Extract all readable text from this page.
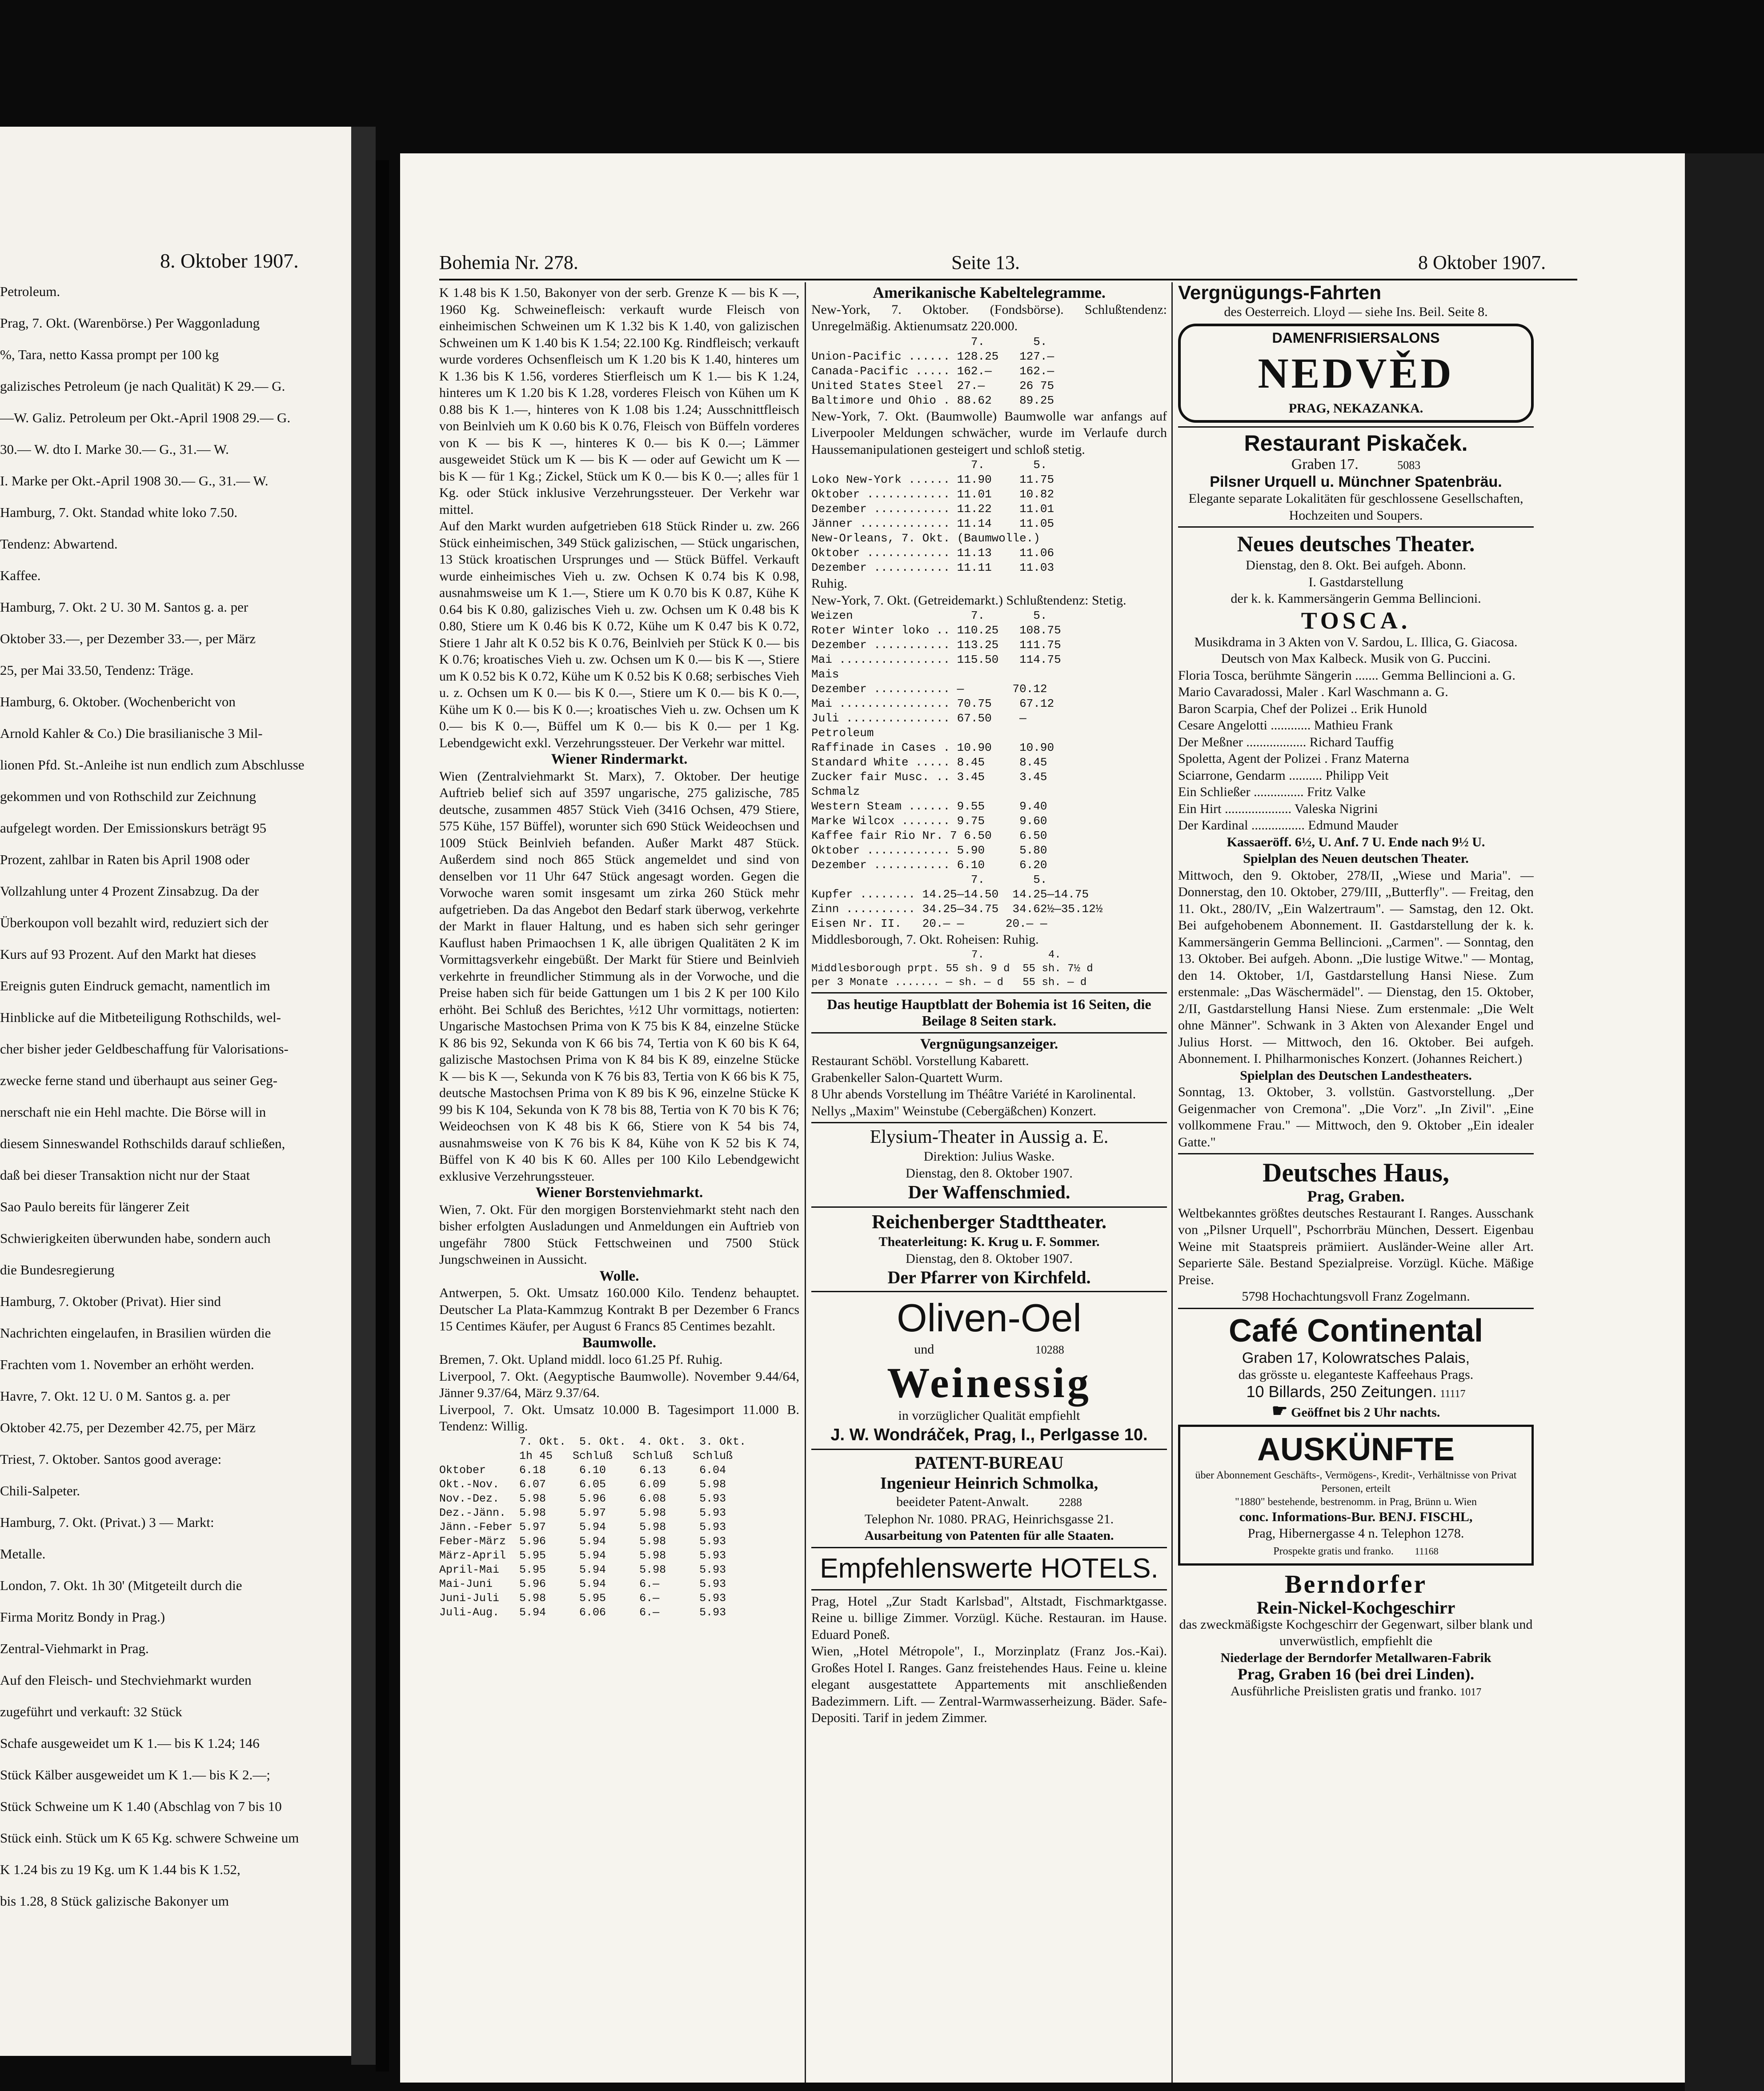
8. Oktober 1907.

Petroleum.

Prag, 7. Okt. (Warenbörse.) Per Waggonladung

%, Tara, netto Kassa prompt per 100 kg

galizisches Petroleum (je nach Qualität) K 29.— G.

—W. Galiz. Petroleum per Okt.-April 1908 29.— G.

30.— W. dto I. Marke 30.— G., 31.— W.

I. Marke per Okt.-April 1908 30.— G., 31.— W.

Hamburg, 7. Okt. Standad white loko 7.50.

Tendenz: Abwartend.

Kaffee.

Hamburg, 7. Okt. 2 U. 30 M. Santos g. a. per

Oktober 33.—, per Dezember 33.—, per März

25, per Mai 33.50, Tendenz: Träge.

Hamburg, 6. Oktober. (Wochenbericht von

Arnold Kahler & Co.) Die brasilianische 3 Mil-

lionen Pfd. St.-Anleihe ist nun endlich zum Abschlusse

gekommen und von Rothschild zur Zeichnung

aufgelegt worden. Der Emissionskurs beträgt 95

Prozent, zahlbar in Raten bis April 1908 oder

Vollzahlung unter 4 Prozent Zinsabzug. Da der

Überkoupon voll bezahlt wird, reduziert sich der

Kurs auf 93 Prozent. Auf den Markt hat dieses

Ereignis guten Eindruck gemacht, namentlich im

Hinblicke auf die Mitbeteiligung Rothschilds, wel-

cher bisher jeder Geldbeschaffung für Valorisations-

zwecke ferne stand und überhaupt aus seiner Geg-

nerschaft nie ein Hehl machte. Die Börse will in

diesem Sinneswandel Rothschilds darauf schließen,

daß bei dieser Transaktion nicht nur der Staat

Sao Paulo bereits für längerer Zeit

Schwierigkeiten überwunden habe, sondern auch

die Bundesregierung

Hamburg, 7. Oktober (Privat). Hier sind

Nachrichten eingelaufen, in Brasilien würden die

Frachten vom 1. November an erhöht werden.

Havre, 7. Okt. 12 U. 0 M. Santos g. a. per

Oktober 42.75, per Dezember 42.75, per März

Triest, 7. Oktober. Santos good average:

Chili-Salpeter.

Hamburg, 7. Okt. (Privat.) 3 — Markt:

Metalle.

London, 7. Okt. 1h 30' (Mitgeteilt durch die

Firma Moritz Bondy in Prag.)

Zentral-Viehmarkt in Prag.

Auf den Fleisch- und Stechviehmarkt wurden

zugeführt und verkauft: 32 Stück

Schafe ausgeweidet um K 1.— bis K 1.24; 146

Stück Kälber ausgeweidet um K 1.— bis K 2.—;

Stück Schweine um K 1.40 (Abschlag von 7 bis 10

Stück einh. Stück um K 65 Kg. schwere Schweine um

K 1.24 bis zu 19 Kg. um K 1.44 bis K 1.52,

bis 1.28, 8 Stück galizische Bakonyer um

Bohemia Nr. 278.	Seite 13.	8 Oktober 1907.

K 1.48 bis K 1.50, Bakonyer von der serb. Grenze K — bis K —, 1960 Kg. Schweinefleisch: verkauft wurde Fleisch von einheimischen Schweinen um K 1.32 bis K 1.40, von galizischen Schweinen um K 1.40 bis K 1.54; 22.100 Kg. Rindfleisch; verkauft wurde vorderes Ochsenfleisch um K 1.20 bis K 1.40, hinteres um K 1.36 bis K 1.56, vorderes Stierfleisch um K 1.— bis K 1.24, hinteres um K 1.20 bis K 1.28, vorderes Fleisch von Kühen um K 0.88 bis K 1.—, hinteres von K 1.08 bis 1.24; Ausschnittfleisch von Beinlvieh um K 0.60 bis K 0.76, Fleisch von Büffeln vorderes von K — bis K —, hinteres K 0.— bis K 0.—; Lämmer ausgeweidet Stück um K — bis K — oder auf Gewicht um K — bis K — für 1 Kg.; Zickel, Stück um K 0.— bis K 0.—; alles für 1 Kg. oder Stück inklusive Verzehrungssteuer. Der Verkehr war mittel.

Auf den Markt wurden aufgetrieben 618 Stück Rinder u. zw. 266 Stück einheimischen, 349 Stück galizischen, — Stück ungarischen, 13 Stück kroatischen Ursprunges und — Stück Büffel. Verkauft wurde einheimisches Vieh u. zw. Ochsen K 0.74 bis K 0.98, ausnahmsweise um K 1.—, Stiere um K 0.70 bis K 0.87, Kühe K 0.64 bis K 0.80, galizisches Vieh u. zw. Ochsen um K 0.48 bis K 0.80, Stiere um K 0.46 bis K 0.72, Kühe um K 0.47 bis K 0.72, Stiere 1 Jahr alt K 0.52 bis K 0.76, Beinlvieh per Stück K 0.— bis K 0.76; kroatisches Vieh u. zw. Ochsen um K 0.— bis K —, Stiere um K 0.52 bis K 0.72, Kühe um K 0.52 bis K 0.68; serbisches Vieh u. z. Ochsen um K 0.— bis K 0.—, Stiere um K 0.— bis K 0.—, Kühe um K 0.— bis K 0.—; kroatisches Vieh u. zw. Ochsen um K 0.— bis K 0.—, Büffel um K 0.— bis K 0.— per 1 Kg. Lebendgewicht exkl. Verzehrungssteuer. Der Verkehr war mittel.

Wiener Rindermarkt.

Wien (Zentralviehmarkt St. Marx), 7. Oktober. Der heutige Auftrieb belief sich auf 3597 ungarische, 275 galizische, 785 deutsche, zusammen 4857 Stück Vieh (3416 Ochsen, 479 Stiere, 575 Kühe, 157 Büffel), worunter sich 690 Stück Weideochsen und 1009 Stück Beinlvieh befanden. Außer Markt 487 Stück. Außerdem sind noch 865 Stück angemeldet und sind von denselben vor 11 Uhr 647 Stück angesagt worden. Gegen die Vorwoche waren somit insgesamt um zirka 260 Stück mehr aufgetrieben. Da das Angebot den Bedarf stark überwog, verkehrte der Markt in flauer Haltung, und es haben sich sehr geringer Kauflust haben Primaochsen 1 K, alle übrigen Qualitäten 2 K im Vormittagsverkehr eingebüßt. Der Markt für Stiere und Beinlvieh verkehrte in freundlicher Stimmung als in der Vorwoche, und die Preise haben sich für beide Gattungen um 1 bis 2 K per 100 Kilo erhöht. Bei Schluß des Berichtes, ½12 Uhr vormittags, notierten: Ungarische Mastochsen Prima von K 75 bis K 84, einzelne Stücke K 86 bis 92, Sekunda von K 66 bis 74, Tertia von K 60 bis K 64, galizische Mastochsen Prima von K 84 bis K 89, einzelne Stücke K — bis K —, Sekunda von K 76 bis 83, Tertia von K 66 bis K 75, deutsche Mastochsen Prima von K 89 bis K 96, einzelne Stücke K 99 bis K 104, Sekunda von K 78 bis 88, Tertia von K 70 bis K 76; Weideochsen von K 48 bis K 66, Stiere von K 54 bis 74, ausnahmsweise von K 76 bis K 84, Kühe von K 52 bis K 74, Büffel von K 40 bis K 60. Alles per 100 Kilo Lebendgewicht exklusive Verzehrungssteuer.

Wiener Borstenviehmarkt.

Wien, 7. Okt. Für den morgigen Borstenviehmarkt steht nach den bisher erfolgten Ausladungen und Anmeldungen ein Auftrieb von ungefähr 7800 Stück Fettschweinen und 7500 Stück Jungschweinen in Aussicht.

Wolle.

Antwerpen, 5. Okt. Umsatz 160.000 Kilo. Tendenz behauptet. Deutscher La Plata-Kammzug Kontrakt B per Dezember 6 Francs 15 Centimes Käufer, per August 6 Francs 85 Centimes bezahlt.

Baumwolle.

Bremen, 7. Okt. Upland middl. loco 61.25 Pf. Ruhig.

Liverpool, 7. Okt. (Aegyptische Baumwolle). November 9.44/64, Jänner 9.37/64, März 9.37/64.

Liverpool, 7. Okt. Umsatz 10.000 B. Tagesimport 11.000 B. Tendenz: Willig.

7. Okt.  5. Okt.  4. Okt.  3. Okt.
1h 45   Schluß   Schluß   Schluß

Oktober     6.18     6.10     6.13     6.04
Okt.-Nov.   6.07     6.05     6.09     5.98
Nov.-Dez.   5.98     5.96     6.08     5.93
Dez.-Jänn.  5.98     5.97     5.98     5.93
Jänn.-Feber 5.97     5.94     5.98     5.93
Feber-März  5.96     5.94     5.98     5.93
März-April  5.95     5.94     5.98     5.93
April-Mai   5.95     5.94     5.98     5.93
Mai-Juni    5.96     5.94     6.—      5.93
Juni-Juli   5.98     5.95     6.—      5.93
Juli-Aug.   5.94     6.06     6.—      5.93

Amerikanische Kabeltelegramme.

New-York, 7. Oktober. (Fondsbörse). Schlußtendenz: Unregelmäßig. Aktienumsatz 220.000.

7.       5.
Union-Pacific ...... 128.25   127.—
Canada-Pacific ..... 162.—    162.—
United States Steel  27.—     26 75
Baltimore und Ohio . 88.62    89.25

New-York, 7. Okt. (Baumwolle) Baumwolle war anfangs auf Liverpooler Meldungen schwächer, wurde im Verlaufe durch Haussemanipulationen gesteigert und schloß stetig.

7.       5.
Loko New-York ...... 11.90    11.75
Oktober ............ 11.01    10.82
Dezember ........... 11.22    11.01
Jänner ............. 11.14    11.05
New-Orleans, 7. Okt. (Baumwolle.)
Oktober ............ 11.13    11.06
Dezember ........... 11.11    11.03

Ruhig.

New-York, 7. Okt. (Getreidemarkt.) Schlußtendenz: Stetig.

Weizen                 7.       5.
Roter Winter loko .. 110.25   108.75
Dezember ........... 113.25   111.75
Mai ................ 115.50   114.75
Mais
Dezember ........... —       70.12
Mai ................ 70.75    67.12
Juli ............... 67.50    —
Petroleum
Raffinade in Cases . 10.90    10.90
Standard White ..... 8.45     8.45
Zucker fair Musc. .. 3.45     3.45
Schmalz
Western Steam ...... 9.55     9.40
Marke Wilcox ....... 9.75     9.60
Kaffee fair Rio Nr. 7 6.50    6.50
Oktober ............ 5.90     5.80
Dezember ........... 6.10     6.20
7.       5.
Kupfer ........ 14.25—14.50  14.25—14.75
Zinn .......... 34.25—34.75  34.62½—35.12½
Eisen Nr. II.   20.— —      20.— —

Middlesborough, 7. Okt. Roheisen: Ruhig.

7.          4.
Middlesborough prpt. 55 sh. 9 d  55 sh. 7½ d
per 3 Monate ....... — sh. — d   55 sh. — d

Das heutige Hauptblatt der Bohemia ist 16 Seiten, die Beilage 8 Seiten stark.

Vergnügungsanzeiger.

Restaurant Schöbl. Vorstellung Kabarett.

Grabenkeller Salon-Quartett Wurm.

8 Uhr abends Vorstellung im Théâtre Variété in Karolinental.

Nellys „Maxim" Weinstube (Cebergäßchen) Konzert.

Elysium-Theater in Aussig a. E.

Direktion: Julius Waske.

Dienstag, den 8. Oktober 1907.

Der Waffenschmied.

Reichenberger Stadttheater.

Theaterleitung: K. Krug u. F. Sommer.

Dienstag, den 8. Oktober 1907.

Der Pfarrer von Kirchfeld.

Oliven-Oel

und	10288

Weinessig

in vorzüglicher Qualität empfiehlt

J. W. Wondráček, Prag, I., Perlgasse 10.

PATENT-BUREAU

Ingenieur Heinrich Schmolka,

beeideter Patent-Anwalt.	2288

Telephon Nr. 1080. PRAG, Heinrichsgasse 21.

Ausarbeitung von Patenten für alle Staaten.

Empfehlenswerte HOTELS.

Prag, Hotel „Zur Stadt Karlsbad", Altstadt, Fischmarktgasse. Reine u. billige Zimmer. Vorzügl. Küche. Restauran. im Hause. Eduard Poneß.

Wien, „Hotel Métropole", I., Morzinplatz (Franz Jos.-Kai). Großes Hotel I. Ranges. Ganz freistehendes Haus. Feine u. kleine elegant ausgestattete Appartements mit anschließenden Badezimmern. Lift. — Zentral-Warmwasserheizung. Bäder. Safe-Depositi. Tarif in jedem Zimmer.

Vergnügungs-Fahrten

des Oesterreich. Lloyd — siehe Ins. Beil. Seite 8.

DAMENFRISIERSALONS

NEDVĚD

PRAG, NEKAZANKA.

Restaurant Piskaček.

Graben 17.	5083

Pilsner Urquell u. Münchner Spatenbräu.

Elegante separate Lokalitäten für geschlossene Gesellschaften, Hochzeiten und Soupers.

Neues deutsches Theater.

Dienstag, den 8. Okt. Bei aufgeh. Abonn.

I. Gastdarstellung

der k. k. Kammersängerin Gemma Bellincioni.

TOSCA.

Musikdrama in 3 Akten von V. Sardou, L. Illica, G. Giacosa. Deutsch von Max Kalbeck. Musik von G. Puccini.

Floria Tosca, berühmte Sängerin ....... Gemma Bellincioni a. G.

Mario Cavaradossi, Maler . Karl Waschmann a. G.

Baron Scarpia, Chef der Polizei .. Erik Hunold

Cesare Angelotti ............ Mathieu Frank

Der Meßner .................. Richard Tauffig

Spoletta, Agent der Polizei . Franz Materna

Sciarrone, Gendarm .......... Philipp Veit

Ein Schließer ............... Fritz Valke

Ein Hirt .................... Valeska Nigrini

Der Kardinal ................ Edmund Mauder

Kassaeröff. 6½, U. Anf. 7 U. Ende nach 9½ U.

Spielplan des Neuen deutschen Theater.

Mittwoch, den 9. Oktober, 278/II, „Wiese und Maria". — Donnerstag, den 10. Oktober, 279/III, „Butterfly". — Freitag, den 11. Okt., 280/IV, „Ein Walzertraum". — Samstag, den 12. Okt. Bei aufgehobenem Abonnement. II. Gastdarstellung der k. k. Kammersängerin Gemma Bellincioni. „Carmen". — Sonntag, den 13. Oktober. Bei aufgeh. Abonn. „Die lustige Witwe." — Montag, den 14. Oktober, 1/I, Gastdarstellung Hansi Niese. Zum erstenmale: „Das Wäschermädel". — Dienstag, den 15. Oktober, 2/II, Gastdarstellung Hansi Niese. Zum erstenmale: „Die Welt ohne Männer". Schwank in 3 Akten von Alexander Engel und Julius Horst. — Mittwoch, den 16. Oktober. Bei aufgeh. Abonnement. I. Philharmonisches Konzert. (Johannes Reichert.)

Spielplan des Deutschen Landestheaters.

Sonntag, 13. Oktober, 3. vollstün. Gastvorstellung. „Der Geigenmacher von Cremona". „Die Vorz". „In Zivil". „Eine vollkommene Frau." — Mittwoch, den 9. Oktober „Ein idealer Gatte."

Deutsches Haus,

Prag, Graben.

Weltbekanntes größtes deutsches Restaurant I. Ranges. Ausschank von „Pilsner Urquell", Pschorrbräu München, Dessert. Eigenbau Weine mit Staatspreis prämiiert. Ausländer-Weine aller Art. Separierte Säle. Bestand Spezialpreise. Vorzügl. Küche. Mäßige Preise.

5798 Hochachtungsvoll Franz Zogelmann.

Café Continental

Graben 17, Kolowratsches Palais,

das grösste u. eleganteste Kaffeehaus Prags.

10 Billards, 250 Zeitungen. 11117

☛ Geöffnet bis 2 Uhr nachts.

AUSKÜNFTE

über Abonnement Geschäfts-, Vermögens-, Kredit-, Verhältnisse von Privat Personen, erteilt

"1880" bestehende, bestrenomm. in Prag, Brünn u. Wien

conc. Informations-Bur. BENJ. FISCHL,

Prag, Hibernergasse 4 n. Telephon 1278.

Prospekte gratis und franko. 11168

Berndorfer

Rein-Nickel-Kochgeschirr

das zweckmäßigste Kochgeschirr der Gegenwart, silber blank und unverwüstlich, empfiehlt die

Niederlage der Berndorfer Metallwaren-Fabrik

Prag, Graben 16 (bei drei Linden).

Ausführliche Preislisten gratis und franko. 1017
